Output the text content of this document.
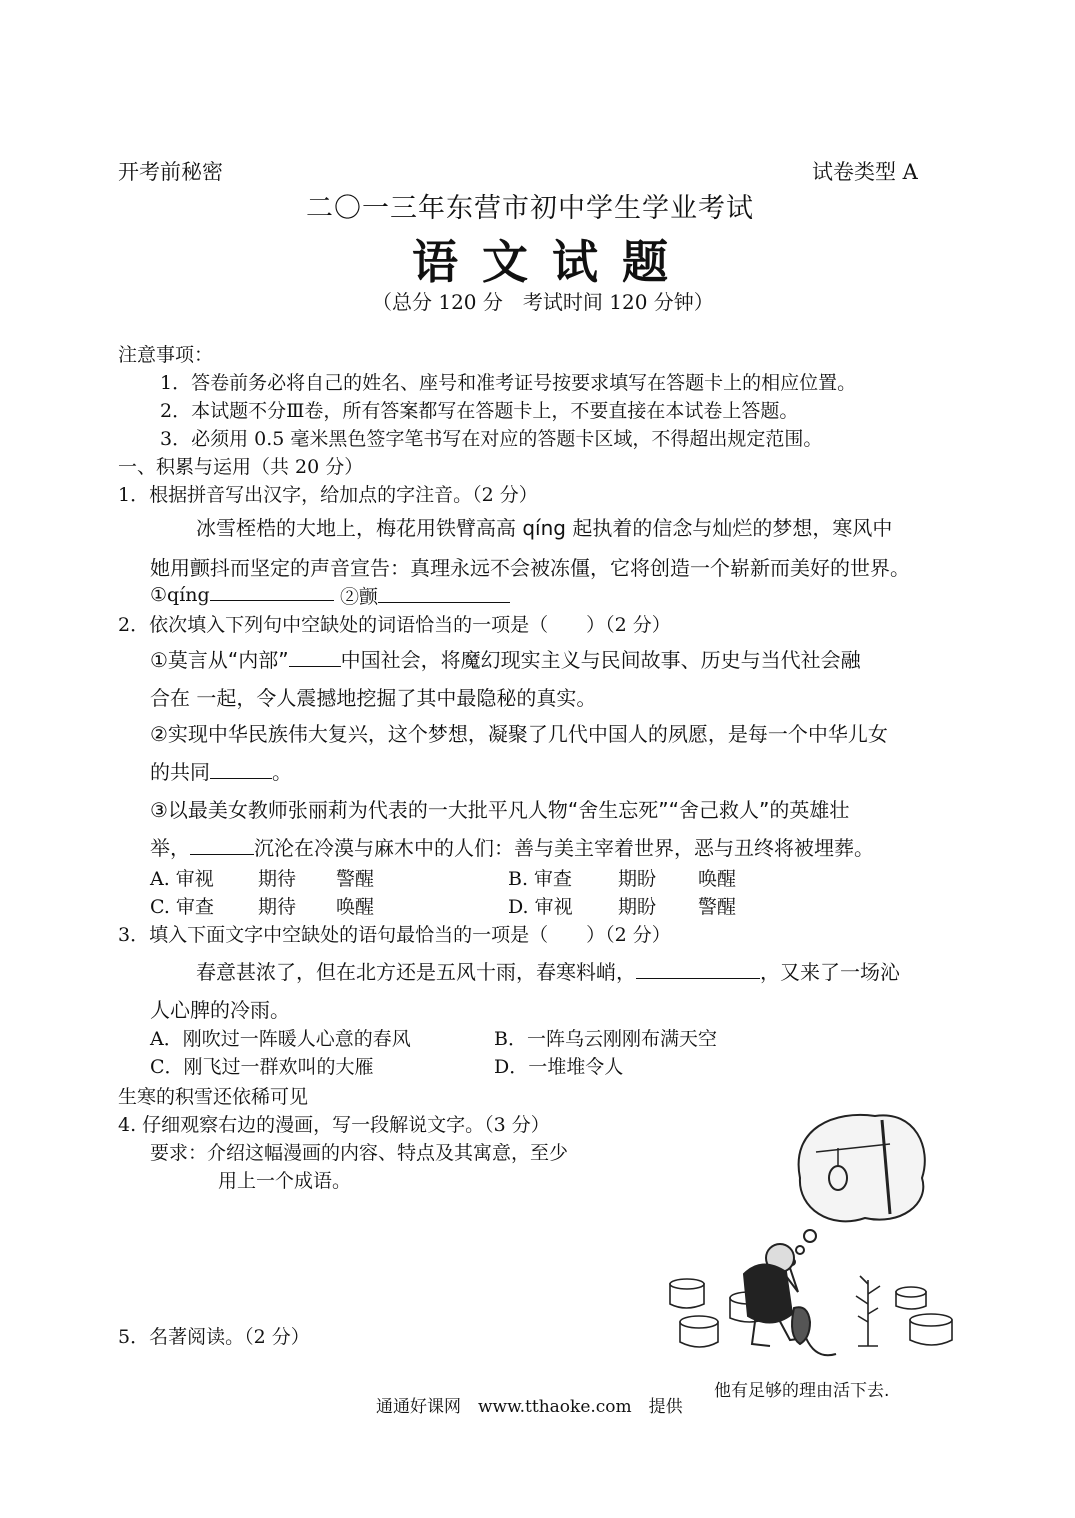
开考前秘密	试卷类型 A
二〇一三年东营市初中学生学业考试
语 文 试 题
（总分 120 分　考试时间 120 分钟）
注意事项：
1．答卷前务必将自己的姓名、座号和准考证号按要求填写在答题卡上的相应位置。
2．本试题不分Ⅲ卷，所有答案都写在答题卡上，不要直接在本试卷上答题。
3．必须用 0.5 毫米黑色签字笔书写在对应的答题卡区域，不得超出规定范围。
一、积累与运用（共 20 分）
1．根据拼音写出汉字，给加点的字注音。（2 分）
冰雪桎梏的大地上，梅花用铁臂高高 qíng 起执着的信念与灿烂的梦想，寒风中
她用颤抖而坚定的声音宣告：真理永远不会被冻僵，它将创造一个崭新而美好的世界。
①qíng	②颤
2．依次填入下列句中空缺处的词语恰当的一项是（　　）（2 分）
①莫言从“内部”	中国社会，将魔幻现实主义与民间故事、历史与当代社会融
合在 一起，令人震撼地挖掘了其中最隐秘的真实。
②实现中华民族伟大复兴，这个梦想，凝聚了几代中国人的夙愿，是每一个中华儿女
的共同	。
③以最美女教师张丽莉为代表的一大批平凡人物“舍生忘死”“舍己救人”的英雄壮
举，	沉沦在冷漠与麻木中的人们：善与美主宰着世界，恶与丑终将被埋葬。
A. 审视 期待 警醒	B. 审查 期盼 唤醒
C. 审查 期待 唤醒	D. 审视 期盼 警醒
3．填入下面文字中空缺处的语句最恰当的一项是（　　）（2 分）
春意甚浓了，但在北方还是五风十雨，春寒料峭，	，又来了一场沁
人心脾的冷雨。
A．刚吹过一阵暖人心意的春风	B．一阵乌云刚刚布满天空
C．刚飞过一群欢叫的大雁	D．一堆堆令人
生寒的积雪还依稀可见
4. 仔细观察右边的漫画，写一段解说文字。（3 分）
要求：介绍这幅漫画的内容、特点及其寓意，至少
用上一个成语。
他有足够的理由活下去.
5．名著阅读。（2 分）
通通好课网　www.tthaoke.com　提供
